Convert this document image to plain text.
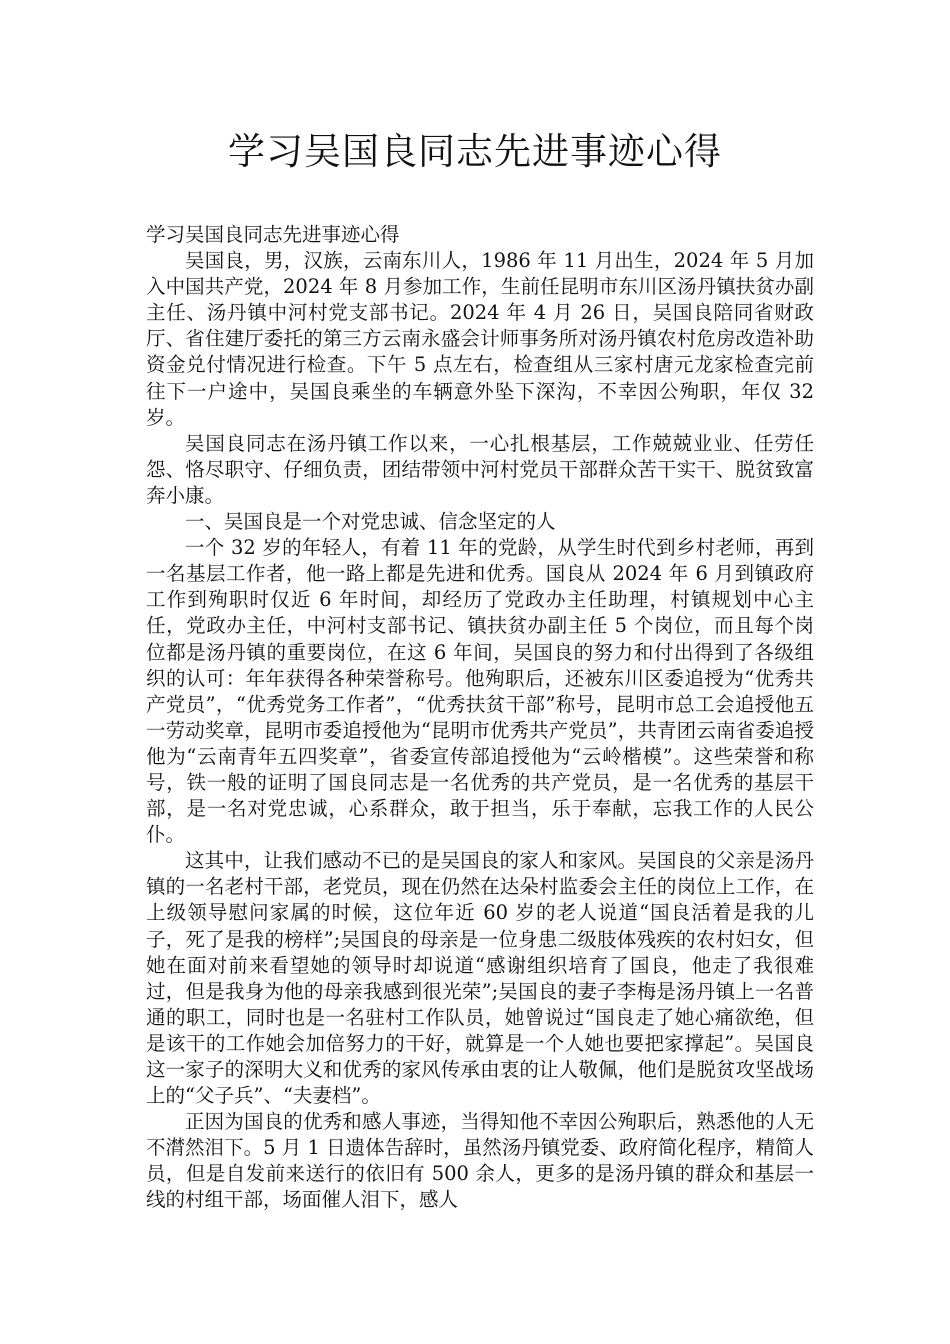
学习吴国良同志先进事迹心得

学习吴国良同志先进事迹心得

吴国良，男，汉族，云南东川人，1986 年 11 月出生，2024 年 5 月加入中国共产党，2024 年 8 月参加工作，生前任昆明市东川区汤丹镇扶贫办副主任、汤丹镇中河村党支部书记。2024 年 4 月 26 日，吴国良陪同省财政厅、省住建厅委托的第三方云南永盛会计师事务所对汤丹镇农村危房改造补助资金兑付情况进行检查。下午 5 点左右，检查组从三家村唐元龙家检查完前往下一户途中，吴国良乘坐的车辆意外坠下深沟，不幸因公殉职，年仅 32 岁。

吴国良同志在汤丹镇工作以来，一心扎根基层，工作兢兢业业、任劳任怨、恪尽职守、仔细负责，团结带领中河村党员干部群众苦干实干、脱贫致富奔小康。

一、吴国良是一个对党忠诚、信念坚定的人

一个 32 岁的年轻人，有着 11 年的党龄，从学生时代到乡村老师，再到一名基层工作者，他一路上都是先进和优秀。国良从 2024 年 6 月到镇政府工作到殉职时仅近 6 年时间，却经历了党政办主任助理，村镇规划中心主任，党政办主任，中河村支部书记、镇扶贫办副主任 5 个岗位，而且每个岗位都是汤丹镇的重要岗位，在这 6 年间，吴国良的努力和付出得到了各级组织的认可：年年获得各种荣誉称号。他殉职后，还被东川区委追授为“优秀共产党员”，“优秀党务工作者”，“优秀扶贫干部”称号，昆明市总工会追授他五一劳动奖章，昆明市委追授他为“昆明市优秀共产党员”，共青团云南省委追授他为“云南青年五四奖章”，省委宣传部追授他为“云岭楷模”。这些荣誉和称号，铁一般的证明了国良同志是一名优秀的共产党员，是一名优秀的基层干部，是一名对党忠诚，心系群众，敢于担当，乐于奉献，忘我工作的人民公仆。

这其中，让我们感动不已的是吴国良的家人和家风。吴国良的父亲是汤丹镇的一名老村干部，老党员，现在仍然在达朵村监委会主任的岗位上工作，在上级领导慰问家属的时候，这位年近 60 岁的老人说道“国良活着是我的儿子，死了是我的榜样”;吴国良的母亲是一位身患二级肢体残疾的农村妇女，但她在面对前来看望她的领导时却说道“感谢组织培育了国良，他走了我很难过，但是我身为他的母亲我感到很光荣”;吴国良的妻子李梅是汤丹镇上一名普通的职工，同时也是一名驻村工作队员，她曾说过“国良走了她心痛欲绝，但是该干的工作她会加倍努力的干好，就算是一个人她也要把家撑起”。吴国良这一家子的深明大义和优秀的家风传承由衷的让人敬佩，他们是脱贫攻坚战场上的“父子兵”、“夫妻档”。

正因为国良的优秀和感人事迹，当得知他不幸因公殉职后，熟悉他的人无不潸然泪下。5 月 1 日遗体告辞时，虽然汤丹镇党委、政府简化程序，精简人员，但是自发前来送行的依旧有 500 余人，更多的是汤丹镇的群众和基层一线的村组干部，场面催人泪下，感人
